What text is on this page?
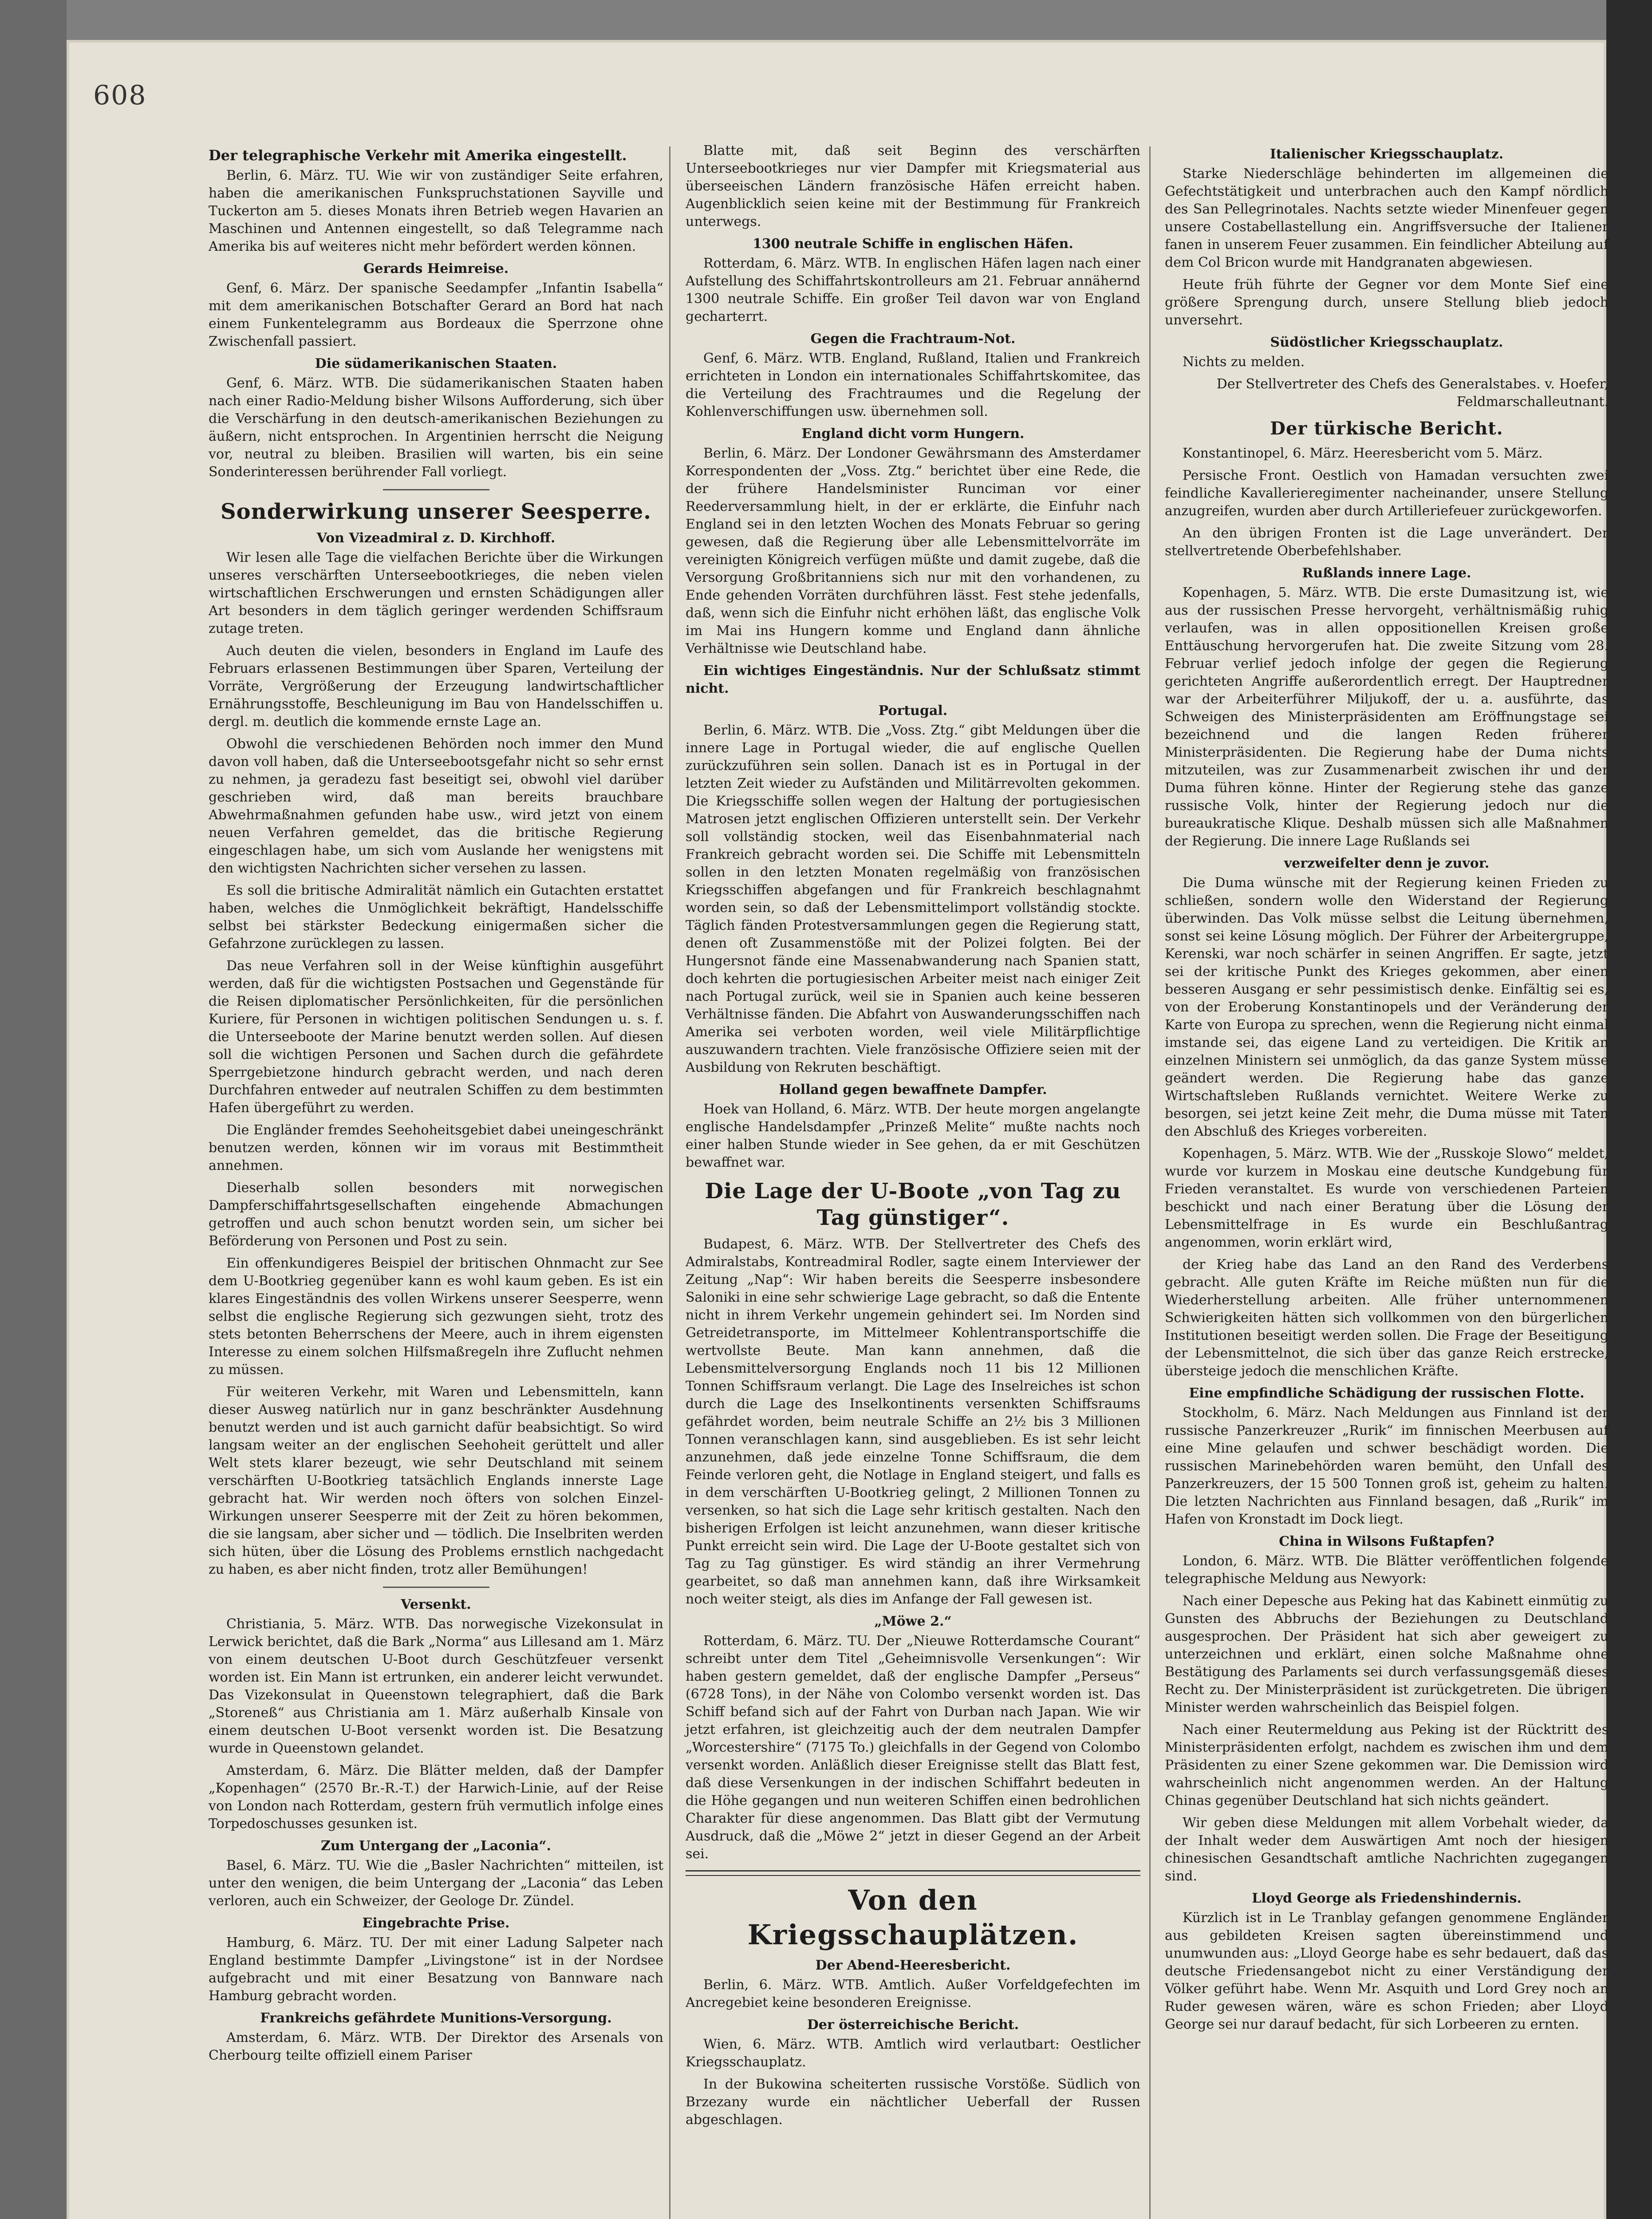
608
Der telegraphische Verkehr mit Amerika eingestellt.

Berlin, 6. März. TU. Wie wir von zuständiger Seite erfahren, haben die amerikanischen Funkspruchstationen Sayville und Tuckerton am 5. dieses Monats ihren Betrieb wegen Havarien an Maschinen und Antennen eingestellt, so daß Telegramme nach Amerika bis auf weiteres nicht mehr befördert werden können.

Gerards Heimreise.

Genf, 6. März. Der spanische Seedampfer „Infantin Isabella“ mit dem amerikanischen Botschafter Gerard an Bord hat nach einem Funkentelegramm aus Bordeaux die Sperrzone ohne Zwischenfall passiert.

Die südamerikanischen Staaten.

Genf, 6. März. WTB. Die südamerikanischen Staaten haben nach einer Radio-Meldung bisher Wilsons Aufforderung, sich über die Verschärfung in den deutsch-amerikanischen Beziehungen zu äußern, nicht entsprochen. In Argentinien herrscht die Neigung vor, neutral zu bleiben. Brasilien will warten, bis ein seine Sonderinteressen berührender Fall vorliegt.

Sonderwirkung unserer Seesperre.
Von Vizeadmiral z. D. Kirchhoff.

Wir lesen alle Tage die vielfachen Berichte über die Wirkungen unseres verschärften Unterseebootkrieges, die neben vielen wirtschaftlichen Erschwerungen und ernsten Schädigungen aller Art besonders in dem täglich geringer werdenden Schiffsraum zutage treten.

Auch deuten die vielen, besonders in England im Laufe des Februars erlassenen Bestimmungen über Sparen, Verteilung der Vorräte, Vergrößerung der Erzeugung landwirtschaftlicher Ernährungsstoffe, Beschleunigung im Bau von Handelsschiffen u. dergl. m. deutlich die kommende ernste Lage an.

Obwohl die verschiedenen Behörden noch immer den Mund davon voll haben, daß die Unterseebootsgefahr nicht so sehr ernst zu nehmen, ja geradezu fast beseitigt sei, obwohl viel darüber geschrieben wird, daß man bereits brauchbare Abwehrmaßnahmen gefunden habe usw., wird jetzt von einem neuen Verfahren gemeldet, das die britische Regierung eingeschlagen habe, um sich vom Auslande her wenigstens mit den wichtigsten Nachrichten sicher versehen zu lassen.

Es soll die britische Admiralität nämlich ein Gutachten erstattet haben, welches die Unmöglichkeit bekräftigt, Handelsschiffe selbst bei stärkster Bedeckung einigermaßen sicher die Gefahrzone zurücklegen zu lassen.

Das neue Verfahren soll in der Weise künftighin ausgeführt werden, daß für die wichtigsten Postsachen und Gegenstände für die Reisen diplomatischer Persönlichkeiten, für die persönlichen Kuriere, für Personen in wichtigen politischen Sendungen u. s. f. die Unterseeboote der Marine benutzt werden sollen. Auf diesen soll die wichtigen Personen und Sachen durch die gefährdete Sperrgebietzone hindurch gebracht werden, und nach deren Durchfahren entweder auf neutralen Schiffen zu dem bestimmten Hafen übergeführt zu werden.

Die Engländer fremdes Seehoheitsgebiet dabei uneingeschränkt benutzen werden, können wir im voraus mit Bestimmtheit annehmen.

Dieserhalb sollen besonders mit norwegischen Dampferschiffahrtsgesellschaften eingehende Abmachungen getroffen und auch schon benutzt worden sein, um sicher bei Beförderung von Personen und Post zu sein.

Ein offenkundigeres Beispiel der britischen Ohnmacht zur See dem U-Bootkrieg gegenüber kann es wohl kaum geben. Es ist ein klares Eingeständnis des vollen Wirkens unserer Seesperre, wenn selbst die englische Regierung sich gezwungen sieht, trotz des stets betonten Beherrschens der Meere, auch in ihrem eigensten Interesse zu einem solchen Hilfsmaßregeln ihre Zuflucht nehmen zu müssen.

Für weiteren Verkehr, mit Waren und Lebensmitteln, kann dieser Ausweg natürlich nur in ganz beschränkter Ausdehnung benutzt werden und ist auch garnicht dafür beabsichtigt. So wird langsam weiter an der englischen Seehoheit gerüttelt und aller Welt stets klarer bezeugt, wie sehr Deutschland mit seinem verschärften U-Bootkrieg tatsächlich Englands innerste Lage gebracht hat. Wir werden noch öfters von solchen Einzel-Wirkungen unserer Seesperre mit der Zeit zu hören bekommen, die sie langsam, aber sicher und — tödlich. Die Inselbriten werden sich hüten, über die Lösung des Problems ernstlich nachgedacht zu haben, es aber nicht finden, trotz aller Bemühungen!

Versenkt.

Christiania, 5. März. WTB. Das norwegische Vizekonsulat in Lerwick berichtet, daß die Bark „Norma“ aus Lillesand am 1. März von einem deutschen U-Boot durch Geschützfeuer versenkt worden ist. Ein Mann ist ertrunken, ein anderer leicht verwundet. Das Vizekonsulat in Queenstown telegraphiert, daß die Bark „Storeneß“ aus Christiania am 1. März außerhalb Kinsale von einem deutschen U-Boot versenkt worden ist. Die Besatzung wurde in Queenstown gelandet.

Amsterdam, 6. März. Die Blätter melden, daß der Dampfer „Kopenhagen“ (2570 Br.-R.-T.) der Harwich-Linie, auf der Reise von London nach Rotterdam, gestern früh vermutlich infolge eines Torpedoschusses gesunken ist.

Zum Untergang der „Laconia“.

Basel, 6. März. TU. Wie die „Basler Nachrichten“ mitteilen, ist unter den wenigen, die beim Untergang der „Laconia“ das Leben verloren, auch ein Schweizer, der Geologe Dr. Zündel.

Eingebrachte Prise.

Hamburg, 6. März. TU. Der mit einer Ladung Salpeter nach England bestimmte Dampfer „Livingstone“ ist in der Nordsee aufgebracht und mit einer Besatzung von Bannware nach Hamburg gebracht worden.

Frankreichs gefährdete Munitions-Versorgung.

Amsterdam, 6. März. WTB. Der Direktor des Arsenals von Cherbourg teilte offiziell einem Pariser

Blatte mit, daß seit Beginn des verschärften Unterseebootkrieges nur vier Dampfer mit Kriegsmaterial aus überseeischen Ländern französische Häfen erreicht haben. Augenblicklich seien keine mit der Bestimmung für Frankreich unterwegs.

1300 neutrale Schiffe in englischen Häfen.

Rotterdam, 6. März. WTB. In englischen Häfen lagen nach einer Aufstellung des Schiffahrtskontrolleurs am 21. Februar annähernd 1300 neutrale Schiffe. Ein großer Teil davon war von England gecharterrt.

Gegen die Frachtraum-Not.

Genf, 6. März. WTB. England, Rußland, Italien und Frankreich errichteten in London ein internationales Schiffahrtskomitee, das die Verteilung des Frachtraumes und die Regelung der Kohlenverschiffungen usw. übernehmen soll.

England dicht vorm Hungern.

Berlin, 6. März. Der Londoner Gewährsmann des Amsterdamer Korrespondenten der „Voss. Ztg.“ berichtet über eine Rede, die der frühere Handelsminister Runciman vor einer Reederversammlung hielt, in der er erklärte, die Einfuhr nach England sei in den letzten Wochen des Monats Februar so gering gewesen, daß die Regierung über alle Lebensmittelvorräte im vereinigten Königreich verfügen müßte und damit zugebe, daß die Versorgung Großbritanniens sich nur mit den vorhandenen, zu Ende gehenden Vorräten durchführen lässt. Fest stehe jedenfalls, daß, wenn sich die Einfuhr nicht erhöhen läßt, das englische Volk im Mai ins Hungern komme und England dann ähnliche Verhältnisse wie Deutschland habe.

Ein wichtiges Eingeständnis. Nur der Schlußsatz stimmt nicht.

Portugal.

Berlin, 6. März. WTB. Die „Voss. Ztg.“ gibt Meldungen über die innere Lage in Portugal wieder, die auf englische Quellen zurückzuführen sein sollen. Danach ist es in Portugal in der letzten Zeit wieder zu Aufständen und Militärrevolten gekommen. Die Kriegsschiffe sollen wegen der Haltung der portugiesischen Matrosen jetzt englischen Offizieren unterstellt sein. Der Verkehr soll vollständig stocken, weil das Eisenbahnmaterial nach Frankreich gebracht worden sei. Die Schiffe mit Lebensmitteln sollen in den letzten Monaten regelmäßig von französischen Kriegsschiffen abgefangen und für Frankreich beschlagnahmt worden sein, so daß der Lebensmittelimport vollständig stockte. Täglich fänden Protestversammlungen gegen die Regierung statt, denen oft Zusammenstöße mit der Polizei folgten. Bei der Hungersnot fände eine Massenabwanderung nach Spanien statt, doch kehrten die portugiesischen Arbeiter meist nach einiger Zeit nach Portugal zurück, weil sie in Spanien auch keine besseren Verhältnisse fänden. Die Abfahrt von Auswanderungsschiffen nach Amerika sei verboten worden, weil viele Militärpflichtige auszuwandern trachten. Viele französische Offiziere seien mit der Ausbildung von Rekruten beschäftigt.

Holland gegen bewaffnete Dampfer.

Hoek van Holland, 6. März. WTB. Der heute morgen angelangte englische Handelsdampfer „Prinzeß Melite“ mußte nachts noch einer halben Stunde wieder in See gehen, da er mit Geschützen bewaffnet war.

Die Lage der U-Boote „von Tag zu Tag günstiger“.

Budapest, 6. März. WTB. Der Stellvertreter des Chefs des Admiralstabs, Kontreadmiral Rodler, sagte einem Interviewer der Zeitung „Nap“: Wir haben bereits die Seesperre insbesondere Saloniki in eine sehr schwierige Lage gebracht, so daß die Entente nicht in ihrem Verkehr ungemein gehindert sei. Im Norden sind Getreidetransporte, im Mittelmeer Kohlentransportschiffe die wertvollste Beute. Man kann annehmen, daß die Lebensmittelversorgung Englands noch 11 bis 12 Millionen Tonnen Schiffsraum verlangt. Die Lage des Inselreiches ist schon durch die Lage des Inselkontinents versenkten Schiffsraums gefährdet worden, beim neutrale Schiffe an 2½ bis 3 Millionen Tonnen veranschlagen kann, sind ausgeblieben. Es ist sehr leicht anzunehmen, daß jede einzelne Tonne Schiffsraum, die dem Feinde verloren geht, die Notlage in England steigert, und falls es in dem verschärften U-Bootkrieg gelingt, 2 Millionen Tonnen zu versenken, so hat sich die Lage sehr kritisch gestalten. Nach den bisherigen Erfolgen ist leicht anzunehmen, wann dieser kritische Punkt erreicht sein wird. Die Lage der U-Boote gestaltet sich von Tag zu Tag günstiger. Es wird ständig an ihrer Vermehrung gearbeitet, so daß man annehmen kann, daß ihre Wirksamkeit noch weiter steigt, als dies im Anfange der Fall gewesen ist.

„Möwe 2.“

Rotterdam, 6. März. TU. Der „Nieuwe Rotterdamsche Courant“ schreibt unter dem Titel „Geheimnisvolle Versenkungen“: Wir haben gestern gemeldet, daß der englische Dampfer „Perseus“ (6728 Tons), in der Nähe von Colombo versenkt worden ist. Das Schiff befand sich auf der Fahrt von Durban nach Japan. Wie wir jetzt erfahren, ist gleichzeitig auch der dem neutralen Dampfer „Worcestershire“ (7175 To.) gleichfalls in der Gegend von Colombo versenkt worden. Anläßlich dieser Ereignisse stellt das Blatt fest, daß diese Versenkungen in der indischen Schiffahrt bedeuten in die Höhe gegangen und nun weiteren Schiffen einen bedrohlichen Charakter für diese angenommen. Das Blatt gibt der Vermutung Ausdruck, daß die „Möwe 2“ jetzt in dieser Gegend an der Arbeit sei.

Von den Kriegsschauplätzen.
Der Abend-Heeresbericht.

Berlin, 6. März. WTB. Amtlich. Außer Vorfeldgefechten im Ancregebiet keine besonderen Ereignisse.

Der österreichische Bericht.

Wien, 6. März. WTB. Amtlich wird verlautbart: Oestlicher Kriegsschauplatz.

In der Bukowina scheiterten russische Vorstöße. Südlich von Brzezany wurde ein nächtlicher Ueberfall der Russen abgeschlagen.

Italienischer Kriegsschauplatz.

Starke Niederschläge behinderten im allgemeinen die Gefechtstätigkeit und unterbrachen auch den Kampf nördlich des San Pellegrinotales. Nachts setzte wieder Minenfeuer gegen unsere Costabellastellung ein. Angriffsversuche der Italiener fanen in unserem Feuer zusammen. Ein feindlicher Abteilung auf dem Col Bricon wurde mit Handgranaten abgewiesen.

Heute früh führte der Gegner vor dem Monte Sief eine größere Sprengung durch, unsere Stellung blieb jedoch unversehrt.

Südöstlicher Kriegsschauplatz.

Nichts zu melden.

Der Stellvertreter des Chefs des Generalstabes. v. Hoefer, Feldmarschalleutnant.

Der türkische Bericht.

Konstantinopel, 6. März. Heeresbericht vom 5. März.

Persische Front. Oestlich von Hamadan versuchten zwei feindliche Kavallerieregimenter nacheinander, unsere Stellung anzugreifen, wurden aber durch Artilleriefeuer zurückgeworfen.

An den übrigen Fronten ist die Lage unverändert. Der stellvertretende Oberbefehlshaber.

Rußlands innere Lage.

Kopenhagen, 5. März. WTB. Die erste Dumasitzung ist, wie aus der russischen Presse hervorgeht, verhältnismäßig ruhig verlaufen, was in allen oppositionellen Kreisen große Enttäuschung hervorgerufen hat. Die zweite Sitzung vom 28. Februar verlief jedoch infolge der gegen die Regierung gerichteten Angriffe außerordentlich erregt. Der Hauptredner war der Arbeiterführer Miljukoff, der u. a. ausführte, das Schweigen des Ministerpräsidenten am Eröffnungstage sei bezeichnend und die langen Reden früherer Ministerpräsidenten. Die Regierung habe der Duma nichts mitzuteilen, was zur Zusammenarbeit zwischen ihr und der Duma führen könne. Hinter der Regierung stehe das ganze russische Volk, hinter der Regierung jedoch nur die bureaukratische Klique. Deshalb müssen sich alle Maßnahmen der Regierung. Die innere Lage Rußlands sei

verzweifelter denn je zuvor.

Die Duma wünsche mit der Regierung keinen Frieden zu schließen, sondern wolle den Widerstand der Regierung überwinden. Das Volk müsse selbst die Leitung übernehmen, sonst sei keine Lösung möglich. Der Führer der Arbeitergruppe, Kerenski, war noch schärfer in seinen Angriffen. Er sagte, jetzt sei der kritische Punkt des Krieges gekommen, aber einen besseren Ausgang er sehr pessimistisch denke. Einfältig sei es, von der Eroberung Konstantinopels und der Veränderung der Karte von Europa zu sprechen, wenn die Regierung nicht einmal imstande sei, das eigene Land zu verteidigen. Die Kritik an einzelnen Ministern sei unmöglich, da das ganze System müsse geändert werden. Die Regierung habe das ganze Wirtschaftsleben Rußlands vernichtet. Weitere Werke zu besorgen, sei jetzt keine Zeit mehr, die Duma müsse mit Taten den Abschluß des Krieges vorbereiten.

Kopenhagen, 5. März. WTB. Wie der „Russkoje Slowo“ meldet, wurde vor kurzem in Moskau eine deutsche Kundgebung für Frieden veranstaltet. Es wurde von verschiedenen Parteien beschickt und nach einer Beratung über die Lösung der Lebensmittelfrage in Es wurde ein Beschlußantrag angenommen, worin erklärt wird,

der Krieg habe das Land an den Rand des Verderbens gebracht. Alle guten Kräfte im Reiche müßten nun für die Wiederherstellung arbeiten. Alle früher unternommenen Schwierigkeiten hätten sich vollkommen von den bürgerlichen Institutionen beseitigt werden sollen. Die Frage der Beseitigung der Lebensmittelnot, die sich über das ganze Reich erstrecke, übersteige jedoch die menschlichen Kräfte.

Eine empfindliche Schädigung der russischen Flotte.

Stockholm, 6. März. Nach Meldungen aus Finnland ist der russische Panzerkreuzer „Rurik“ im finnischen Meerbusen auf eine Mine gelaufen und schwer beschädigt worden. Die russischen Marinebehörden waren bemüht, den Unfall des Panzerkreuzers, der 15 500 Tonnen groß ist, geheim zu halten. Die letzten Nachrichten aus Finnland besagen, daß „Rurik“ im Hafen von Kronstadt im Dock liegt.

China in Wilsons Fußtapfen?

London, 6. März. WTB. Die Blätter veröffentlichen folgende telegraphische Meldung aus Newyork:

Nach einer Depesche aus Peking hat das Kabinett einmütig zu Gunsten des Abbruchs der Beziehungen zu Deutschland ausgesprochen. Der Präsident hat sich aber geweigert zu unterzeichnen und erklärt, einen solche Maßnahme ohne Bestätigung des Parlaments sei durch verfassungsgemäß dieses Recht zu. Der Ministerpräsident ist zurückgetreten. Die übrigen Minister werden wahrscheinlich das Beispiel folgen.

Nach einer Reutermeldung aus Peking ist der Rücktritt des Ministerpräsidenten erfolgt, nachdem es zwischen ihm und dem Präsidenten zu einer Szene gekommen war. Die Demission wird wahrscheinlich nicht angenommen werden. An der Haltung Chinas gegenüber Deutschland hat sich nichts geändert.

Wir geben diese Meldungen mit allem Vorbehalt wieder, da der Inhalt weder dem Auswärtigen Amt noch der hiesigen chinesischen Gesandtschaft amtliche Nachrichten zugegangen sind.

Lloyd George als Friedenshindernis.

Kürzlich ist in Le Tranblay gefangen genommene Engländer aus gebildeten Kreisen sagten übereinstimmend und unumwunden aus: „Lloyd George habe es sehr bedauert, daß das deutsche Friedensangebot nicht zu einer Verständigung der Völker geführt habe. Wenn Mr. Asquith und Lord Grey noch an Ruder gewesen wären, wäre es schon Frieden; aber Lloyd George sei nur darauf bedacht, für sich Lorbeeren zu ernten.
